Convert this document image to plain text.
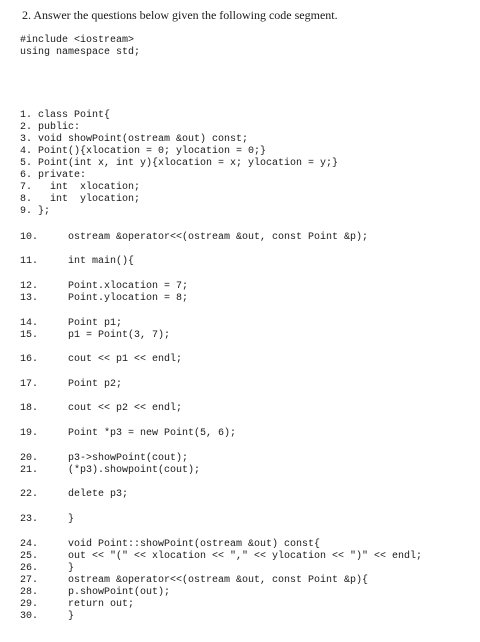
2. Answer the questions below given the following code segment.
#include <iostream>
using namespace std;
1. class Point{
2. public:
3. void showPoint(ostream &out) const;
4. Point(){xlocation = 0; ylocation = 0;}
5. Point(int x, int y){xlocation = x; ylocation = y;}
6. private:
7.   int  xlocation;
8.   int  ylocation;
9. };
10.	ostream &operator<<(ostream &out, const Point &p);
11.	int main(){
12.	Point.xlocation = 7;
13.	Point.ylocation = 8;
14.	Point p1;
15.	p1 = Point(3, 7);
16.	cout << p1 << endl;
17.	Point p2;
18.	cout << p2 << endl;
19.	Point *p3 = new Point(5, 6);
20.	p3->showPoint(cout);
21.	(*p3).showpoint(cout);
22.	delete p3;
23.	}
24.	void Point::showPoint(ostream &out) const{
25.	out << "(" << xlocation << "," << ylocation << ")" << endl;
26.	}
27.	ostream &operator<<(ostream &out, const Point &p){
28.	p.showPoint(out);
29.	return out;
30.	}
